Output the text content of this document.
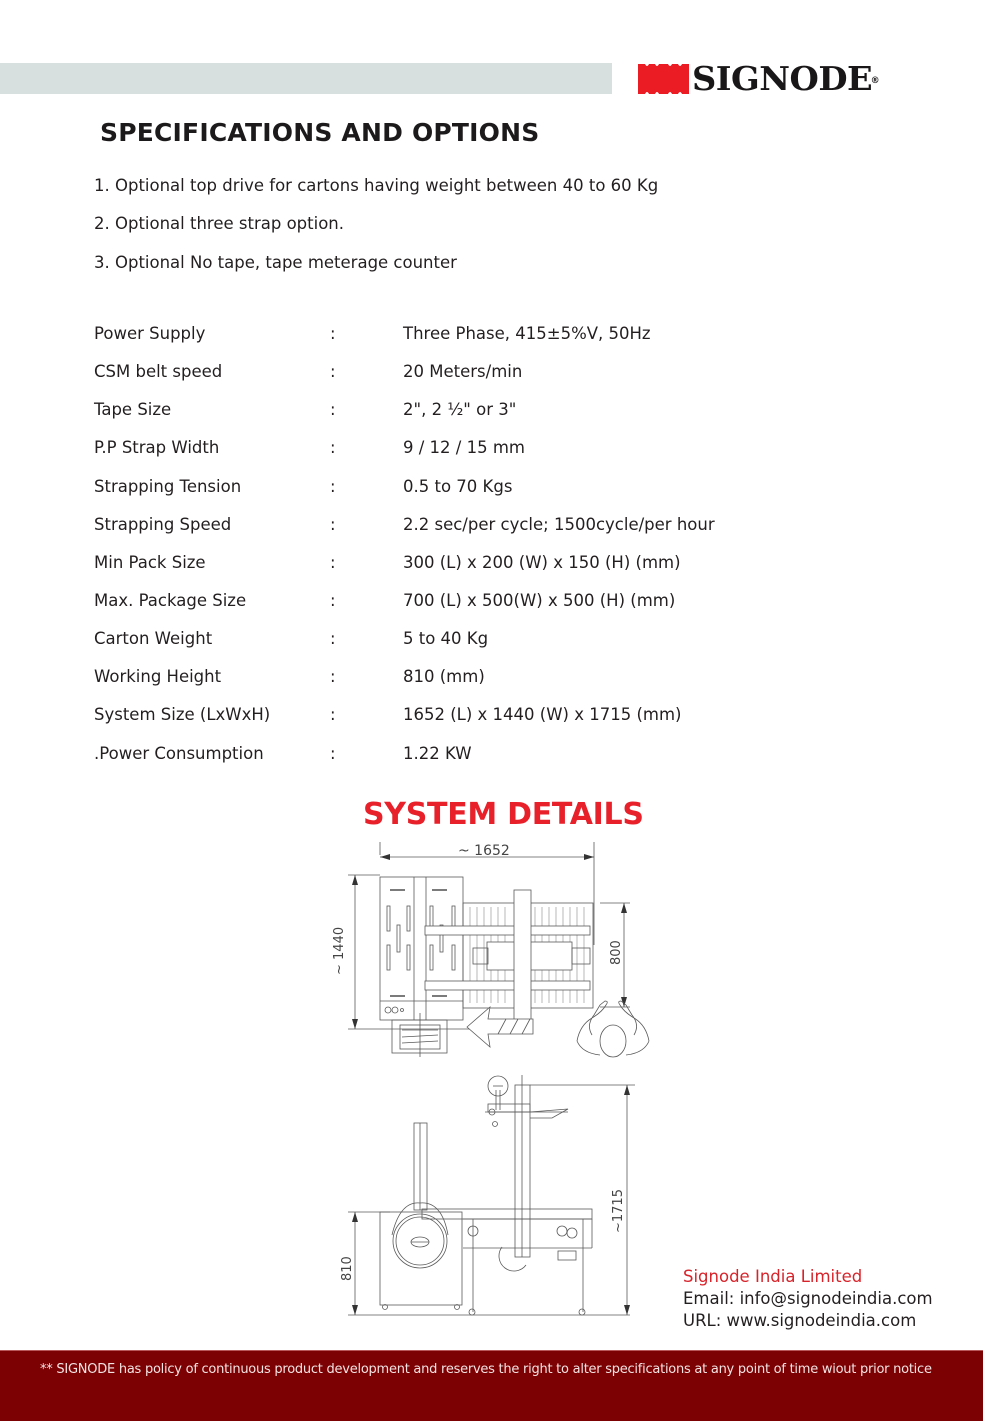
SIGNODE
®
SPECIFICATIONS AND OPTIONS
1. Optional top drive for cartons having weight between 40 to 60 Kg
2. Optional three strap option.
3. Optional No tape, tape meterage counter
Power Supply	:	Three Phase, 415±5%V, 50Hz
CSM belt speed	:	20 Meters/min
Tape Size	:	2", 2 ½" or 3"
P.P Strap Width	:	9 / 12 / 15 mm
Strapping Tension	:	0.5 to 70 Kgs
Strapping Speed	:	2.2 sec/per cycle; 1500cycle/per hour
Min Pack Size	:	300 (L) x 200 (W) x 150 (H) (mm)
Max. Package Size	:	700 (L) x 500(W) x 500 (H) (mm)
Carton Weight	:	5 to 40 Kg
Working Height	:	810 (mm)
System Size (LxWxH)	:	1652 (L) x 1440 (W) x 1715 (mm)
.Power Consumption	:	1.22 KW
SYSTEM DETAILS
~ 1652
~ 1440	800
~1715
810	Signode India Limited
Email: info@signodeindia.com
URL: www.signodeindia.com
** SIGNODE has policy of continuous product development and reserves the right to alter specifications at any point of time wiout prior notice
